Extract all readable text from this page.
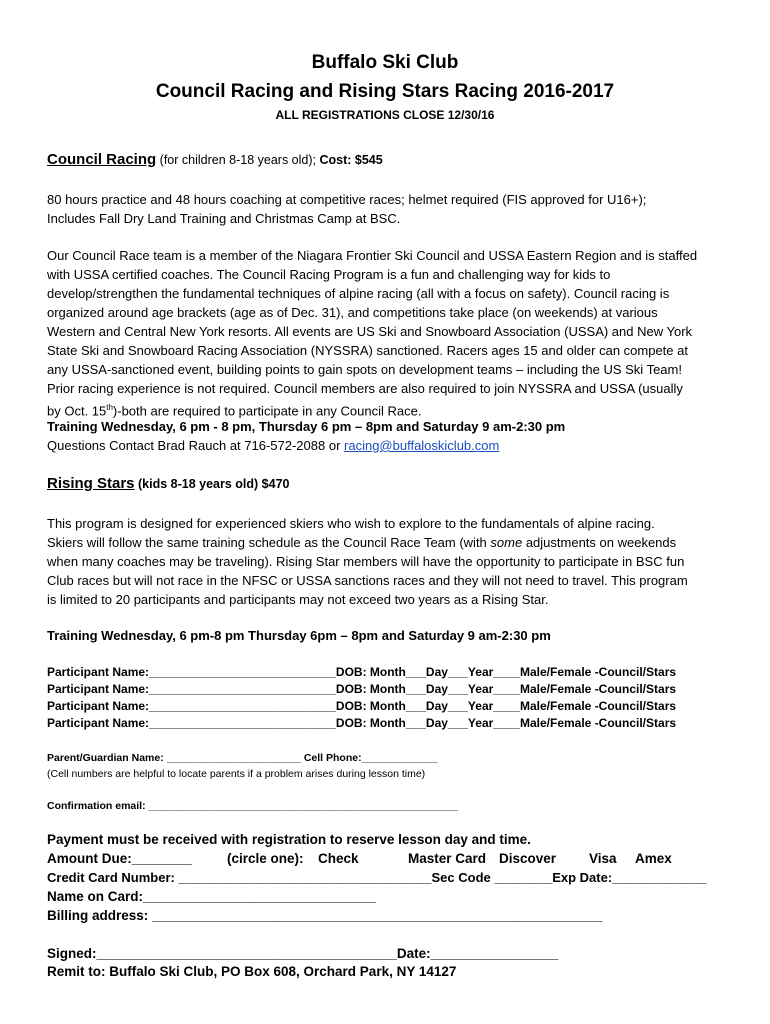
Buffalo Ski Club
Council Racing and Rising Stars Racing 2016-2017
ALL REGISTRATIONS CLOSE 12/30/16
Council Racing (for children 8-18 years old); Cost: $545
80 hours practice and 48 hours coaching at competitive races; helmet required (FIS approved for U16+);
Includes Fall Dry Land Training and Christmas Camp at BSC.
Our Council Race team is a member of the Niagara Frontier Ski Council and USSA Eastern Region and is staffed
with USSA certified coaches. The Council Racing Program is a fun and challenging way for kids to
develop/strengthen the fundamental techniques of alpine racing (all with a focus on safety). Council racing is
organized around age brackets (age as of Dec. 31), and competitions take place (on weekends) at various
Western and Central New York resorts. All events are US Ski and Snowboard Association (USSA) and New York
State Ski and Snowboard Racing Association (NYSSRA) sanctioned. Racers ages 15 and older can compete at
any USSA-sanctioned event, building points to gain spots on development teams – including the US Ski Team!
Prior racing experience is not required. Council members are also required to join NYSSRA and USSA (usually
by Oct. 15th)-both are required to participate in any Council Race.
Training Wednesday, 6 pm - 8 pm, Thursday 6 pm – 8pm and Saturday 9 am-2:30 pm
Questions Contact Brad Rauch at 716-572-2088 or racing@buffaloskiclub.com
Rising Stars (kids 8-18 years old) $470
This program is designed for experienced skiers who wish to explore to the fundamentals of alpine racing.
Skiers will follow the same training schedule as the Council Race Team (with some adjustments on weekends
when many coaches may be traveling). Rising Star members will have the opportunity to participate in BSC fun
Club races but will not race in the NFSC or USSA sanctions races and they will not need to travel. This program
is limited to 20 participants and participants may not exceed two years as a Rising Star.
Training Wednesday, 6 pm-8 pm Thursday 6pm – 8pm and Saturday 9 am-2:30 pm
Participant Name:____________________________DOB: Month___Day___Year____Male/Female -Council/Stars
Participant Name:____________________________DOB: Month___Day___Year____Male/Female -Council/Stars
Participant Name:____________________________DOB: Month___Day___Year____Male/Female -Council/Stars
Participant Name:____________________________DOB: Month___Day___Year____Male/Female -Council/Stars
Parent/Guardian Name: _______________________ Cell Phone:_____________
(Cell numbers are helpful to locate parents if a problem arises during lesson time)
Confirmation email: _____________________________________________________
Payment must be received with registration to reserve lesson day and time.
Amount Due:________	(circle one): Check	Master Card Discover Visa Amex
Credit Card Number: ___________________________________Sec Code ________Exp Date:_____________
Name on Card:_______________________________
Billing address: ____________________________________________________________
Signed:________________________________________Date:_________________
Remit to: Buffalo Ski Club, PO Box 608, Orchard Park, NY 14127
